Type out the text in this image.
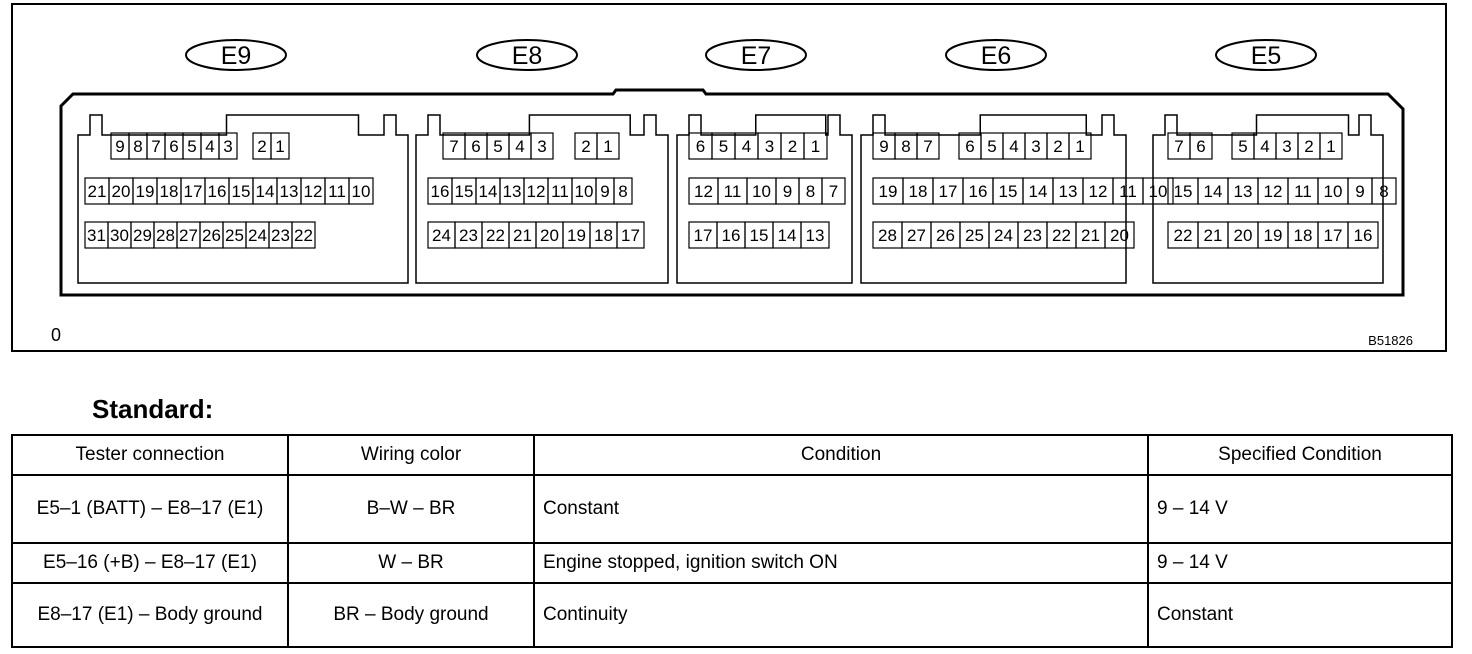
E9
9 8 7 6 5 4 3 2 1
21 20 19 18 17 16 15 14 13 12 11 10
31 30 29 28 27 26 25 24 23 22
E8
7 6 5 4 3 2 1
16 15 14 13 12 11 10 9 8
24 23 22 21 20 19 18 17
E7
6 5 4 3 2 1
12 11 10 9 8 7
17 16 15 14 13
E6
9 8 7 6 5 4 3 2 1
19 18 17 16 15 14 13 12 11 10
28 27 26 25 24 23 22 21 20
E5
7 6 5 4 3 2 1
15 14 13 12 11 10 9 8
22 21 20 19 18 17 16
0	B51826
Standard:
Tester connection	Wiring color	Condition	Specified Condition
E5–1 (BATT) – E8–17 (E1)	B–W – BR	Constant	9 – 14 V
E5–16 (+B) – E8–17 (E1)	W – BR	Engine stopped, ignition switch ON	9 – 14 V
E8–17 (E1) – Body ground	BR – Body ground	Continuity	Constant
